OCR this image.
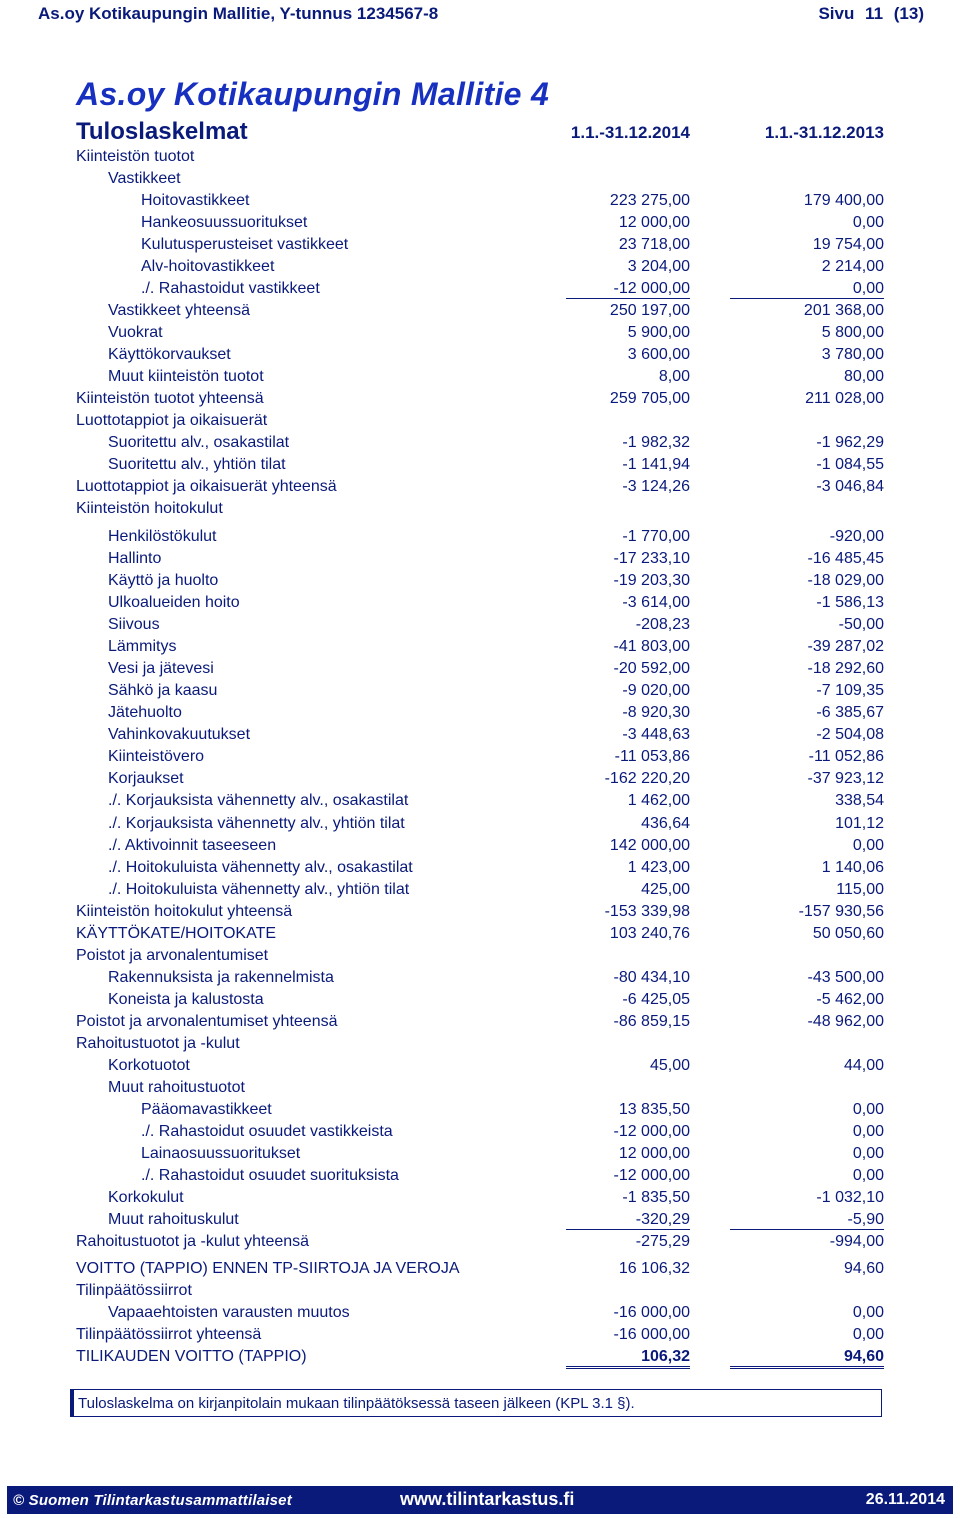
As.oy Kotikaupungin Mallitie, Y-tunnus 1234567-8	Sivu 11 (13)
As.oy Kotikaupungin Mallitie 4
Tuloslaskelmat	1.1.-31.12.2014	1.1.-31.12.2013
Kiinteistön tuotot
Vastikkeet
Hoitovastikkeet	223 275,00	179 400,00
Hankeosuussuoritukset	12 000,00	0,00
Kulutusperusteiset vastikkeet	23 718,00	19 754,00
Alv-hoitovastikkeet	3 204,00	2 214,00
./. Rahastoidut vastikkeet	-12 000,00	0,00
Vastikkeet yhteensä	250 197,00	201 368,00
Vuokrat	5 900,00	5 800,00
Käyttökorvaukset	3 600,00	3 780,00
Muut kiinteistön tuotot	8,00	80,00
Kiinteistön tuotot yhteensä	259 705,00	211 028,00
Luottotappiot ja oikaisuerät
Suoritettu alv., osakastilat	-1 982,32	-1 962,29
Suoritettu alv., yhtiön tilat	-1 141,94	-1 084,55
Luottotappiot ja oikaisuerät yhteensä	-3 124,26	-3 046,84
Kiinteistön hoitokulut
Henkilöstökulut	-1 770,00	-920,00
Hallinto	-17 233,10	-16 485,45
Käyttö ja huolto	-19 203,30	-18 029,00
Ulkoalueiden hoito	-3 614,00	-1 586,13
Siivous	-208,23	-50,00
Lämmitys	-41 803,00	-39 287,02
Vesi ja jätevesi	-20 592,00	-18 292,60
Sähkö ja kaasu	-9 020,00	-7 109,35
Jätehuolto	-8 920,30	-6 385,67
Vahinkovakuutukset	-3 448,63	-2 504,08
Kiinteistövero	-11 053,86	-11 052,86
Korjaukset	-162 220,20	-37 923,12
./. Korjauksista vähennetty alv., osakastilat	1 462,00	338,54
./. Korjauksista vähennetty alv., yhtiön tilat	436,64	101,12
./. Aktivoinnit taseeseen	142 000,00	0,00
./. Hoitokuluista vähennetty alv., osakastilat	1 423,00	1 140,06
./. Hoitokuluista vähennetty alv., yhtiön tilat	425,00	115,00
Kiinteistön hoitokulut yhteensä	-153 339,98	-157 930,56
KÄYTTÖKATE/HOITOKATE	103 240,76	50 050,60
Poistot ja arvonalentumiset
Rakennuksista ja rakennelmista	-80 434,10	-43 500,00
Koneista ja kalustosta	-6 425,05	-5 462,00
Poistot ja arvonalentumiset yhteensä	-86 859,15	-48 962,00
Rahoitustuotot ja -kulut
Korkotuotot	45,00	44,00
Muut rahoitustuotot
Pääomavastikkeet	13 835,50	0,00
./. Rahastoidut osuudet vastikkeista	-12 000,00	0,00
Lainaosuussuoritukset	12 000,00	0,00
./. Rahastoidut osuudet suorituksista	-12 000,00	0,00
Korkokulut	-1 835,50	-1 032,10
Muut rahoituskulut	-320,29	-5,90
Rahoitustuotot ja -kulut yhteensä	-275,29	-994,00
VOITTO (TAPPIO) ENNEN TP-SIIRTOJA JA VEROJA	16 106,32	94,60
Tilinpäätössiirrot
Vapaaehtoisten varausten muutos	-16 000,00	0,00
Tilinpäätössiirrot yhteensä	-16 000,00	0,00
TILIKAUDEN VOITTO (TAPPIO)	106,32	94,60
Tuloslaskelma on kirjanpitolain mukaan tilinpäätöksessä taseen jälkeen (KPL 3.1 §).
© Suomen Tilintarkastusammattilaiset	www.tilintarkastus.fi	26.11.2014
